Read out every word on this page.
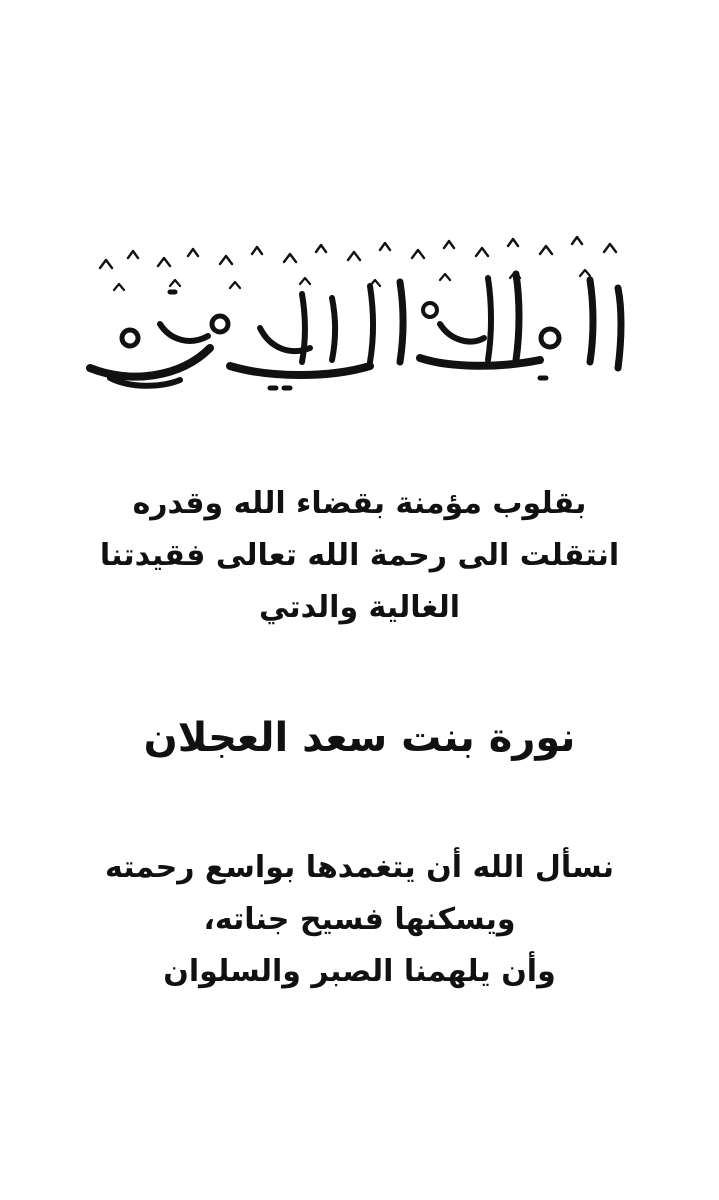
بقلوب مؤمنة بقضاء الله وقدره
انتقلت الى رحمة الله تعالى فقيدتنا
الغالية والدتي
نورة بنت سعد العجلان
نسأل الله أن يتغمدها بواسع رحمته
ويسكنها فسيح جناته،
وأن يلهمنا الصبر والسلوان
